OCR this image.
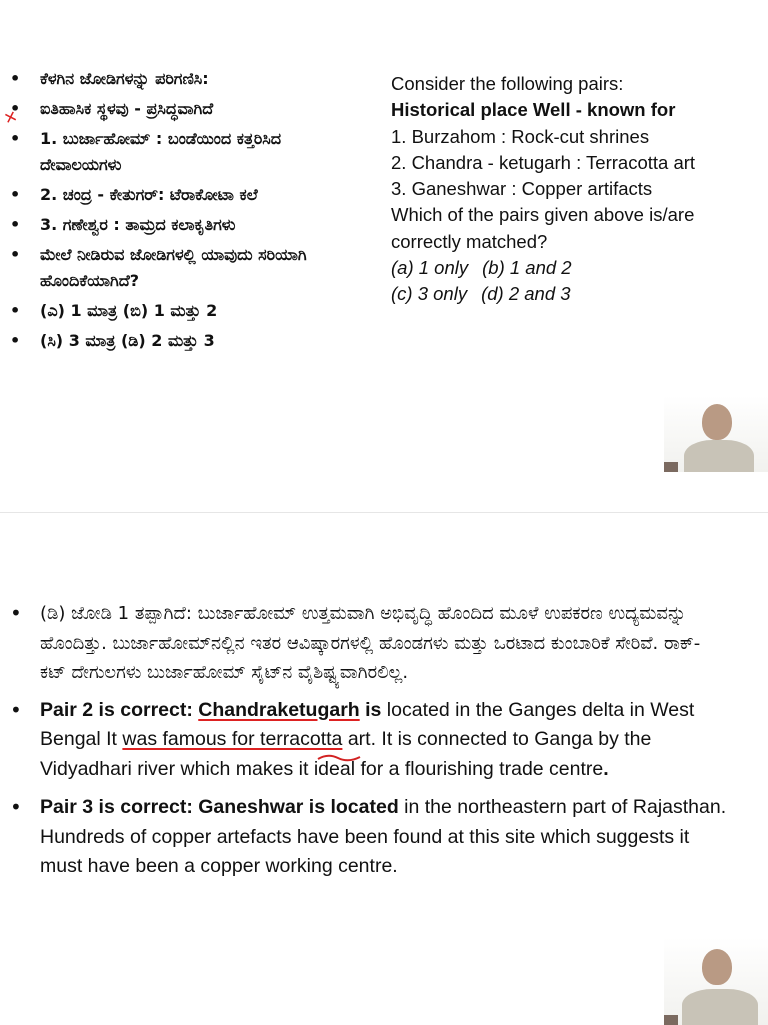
• ಕೆಳಗಿನ ಜೋಡಿಗಳನ್ನು ಪರಿಗಣಿಸಿ:
• ಐತಿಹಾಸಿಕ ಸ್ಥಳವು - ಪ್ರಸಿದ್ಧವಾಗಿದೆ
• 1. ಬುರ್ಜಾಹೋಮ್ : ಬಂಡೆಯಿಂದ ಕತ್ತರಿಸಿದ ದೇವಾಲಯಗಳು
• 2. ಚಂದ್ರ - ಕೇತುಗರ್: ಟೆರಾಕೋಟಾ ಕಲೆ
• 3. ಗಣೇಶ್ವರ : ತಾಮ್ರದ ಕಲಾಕೃತಿಗಳು
• ಮೇಲೆ ನೀಡಿರುವ ಜೋಡಿಗಳಲ್ಲಿ ಯಾವುದು ಸರಿಯಾಗಿ ಹೊಂದಿಕೆಯಾಗಿದೆ?
• (ಎ) 1 ಮಾತ್ರ (ಬಿ) 1 ಮತ್ತು 2
• (ಸಿ) 3 ಮಾತ್ರ (ಡಿ) 2 ಮತ್ತು 3
Consider the following pairs:
Historical place Well - known for
1. Burzahom : Rock-cut shrines
2. Chandra - ketugarh : Terracotta art
3. Ganeshwar : Copper artifacts
Which of the pairs given above is/are
correctly matched?
(a) 1 only (b) 1 and 2
(c) 3 only (d) 2 and 3
• (ಡಿ) ಜೋಡಿ 1 ತಪ್ಪಾಗಿದೆ: ಬುರ್ಜಾಹೋಮ್ ಉತ್ತಮವಾಗಿ ಅಭಿವೃದ್ಧಿ ಹೊಂದಿದ ಮೂಳೆ ಉಪಕರಣ ಉದ್ಯಮವನ್ನು ಹೊಂದಿತ್ತು. ಬುರ್ಜಾಹೋಮ್‌ನಲ್ಲಿನ ಇತರ ಆವಿಷ್ಕಾರಗಳಲ್ಲಿ ಹೊಂಡಗಳು ಮತ್ತು ಒರಟಾದ ಕುಂಬಾರಿಕೆ ಸೇರಿವೆ. ರಾಕ್-ಕಟ್ ದೇಗುಲಗಳು ಬುರ್ಜಾಹೋಮ್ ಸೈಟ್‌ನ ವೈಶಿಷ್ಟ್ಯವಾಗಿರಲಿಲ್ಲ.
• Pair 2 is correct: Chandraketugarh is located in the Ganges delta in West Bengal It was famous for terracotta art. It is connected to Ganga by the Vidyadhari river which makes it ideal for a flourishing trade centre.
• Pair 3 is correct: Ganeshwar is located in the northeastern part of Rajasthan. Hundreds of copper artefacts have been found at this site which suggests it must have been a copper working centre.
✕
